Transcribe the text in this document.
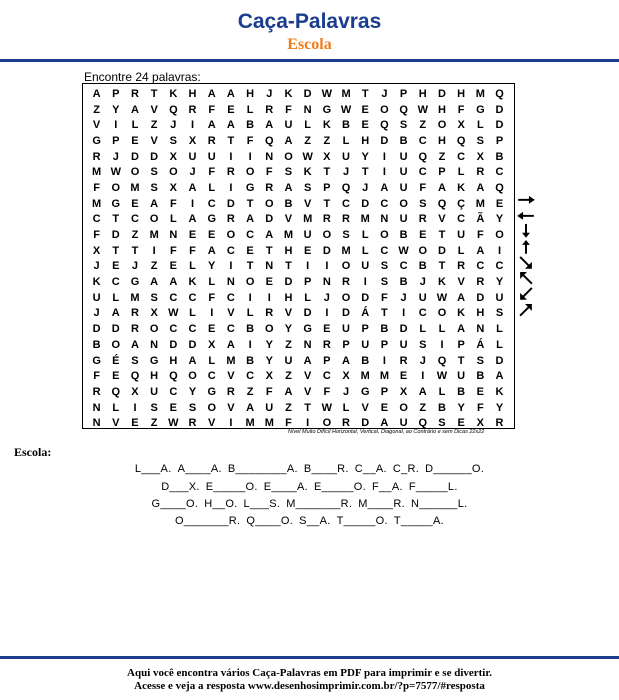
Caça-Palavras
Escola
Encontre 24 palavras:
A	P	R	T	K	H	A	A	H	J	K	D	W	M	T	J	P	H	D	H	M	Q
Z	Y	A	V	Q	R	F	E	L	R	F	N	G	W	E	O	Q	W	H	F	G	D
V	I	L	Z	J	I	A	A	B	A	U	L	K	B	E	Q	S	Z	O	X	L	D
G	P	E	V	S	X	R	T	F	Q	A	Z	Z	L	H	D	B	C	H	Q	S	P
R	J	D	D	X	U	U	I	I	N	O	W	X	U	Y	I	U	Q	Z	C	X	B
M	W	O	S	O	J	F	R	O	F	S	K	T	J	T	I	U	C	P	L	R	C
F	O	M	S	X	A	L	I	G	R	A	S	P	Q	J	A	U	F	A	K	A	Q
M	G	E	A	F	I	C	D	T	O	B	V	T	C	D	C	O	S	Q	Ç	M	E
C	T	C	O	L	A	G	R	A	D	V	M	R	R	M	N	U	R	V	C	Ã	Y
F	D	Z	M	N	E	E	O	C	A	M	U	O	S	L	O	B	E	T	U	F	O
X	T	T	I	F	F	A	C	E	T	H	E	D	M	L	C	W	O	D	L	A	I
J	E	J	Z	E	L	Y	I	T	N	T	I	I	O	U	S	C	B	T	R	C	C
K	C	G	A	A	K	L	N	O	E	D	P	N	R	I	S	B	J	K	V	R	Y
U	L	M	S	C	C	F	C	I	I	H	L	J	O	D	F	J	U	W	A	D	U
J	A	R	X	W	L	I	V	L	R	V	D	I	D	Á	T	I	C	O	K	H	S
D	D	R	O	C	C	E	C	B	O	Y	G	E	U	P	B	D	L	L	A	N	L
B	O	A	N	D	D	X	A	I	Y	Z	N	R	P	U	P	U	S	I	P	Á	L
G	É	S	G	H	A	L	M	B	Y	U	A	P	A	B	I	R	J	Q	T	S	D
F	E	Q	H	Q	O	C	V	C	X	Z	V	C	X	M	M	E	I	W	U	B	A
R	Q	X	U	C	Y	G	R	Z	F	A	V	F	J	G	P	X	A	L	B	E	K
N	L	I	S	E	S	O	V	A	U	Z	T	W	L	V	E	O	Z	B	Y	F	Y
N	V	E	Z	W	R	V	I	M	M	F	I	O	R	D	A	U	Q	S	E	X	R
Nível Muito Difícil Horizontal, Vertical, Diagonal, ao Contrário e sem Dicas 22x22
Escola:
L___A. A____A. B________A. B____R. C__A. C_R. D______O.
D___X. E_____O. E____A. E_____O. F__A. F_____L.
G____O. H__O. L___S. M_______R. M____R. N______L.
O_______R. Q____O. S__A. T_____O. T_____A.
Aqui você encontra vários Caça-Palavras em PDF para imprimir e se divertir.
Acesse e veja a resposta www.desenhosimprimir.com.br/?p=7577/#resposta
